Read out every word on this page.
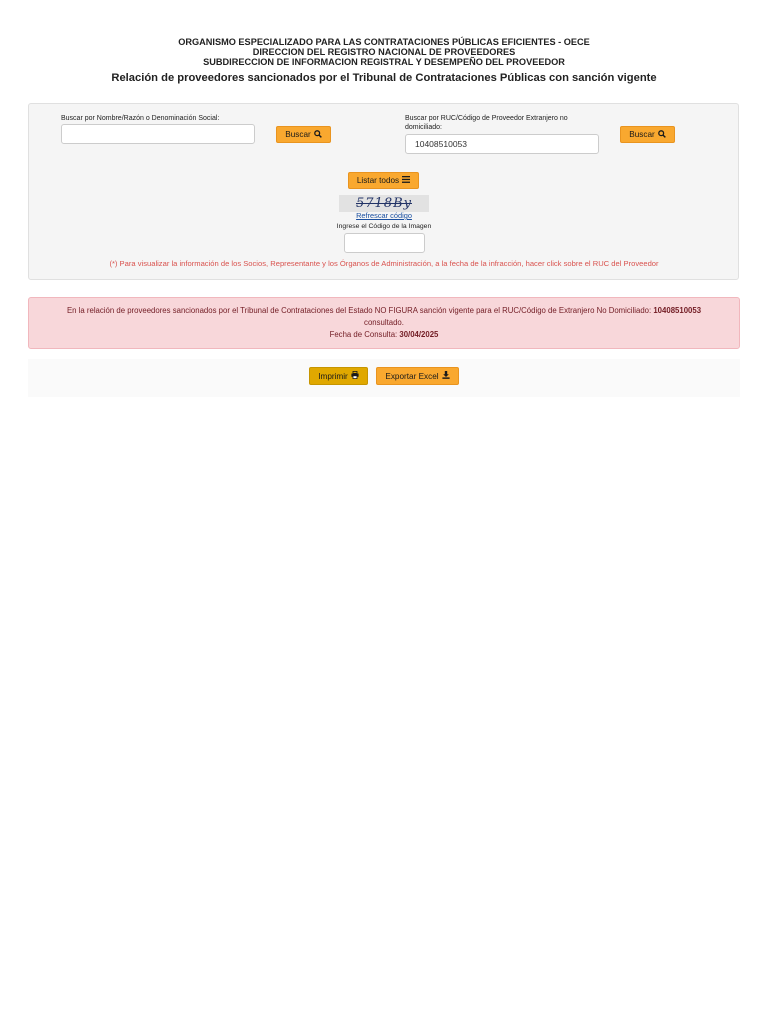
ORGANISMO ESPECIALIZADO PARA LAS CONTRATACIONES PÚBLICAS EFICIENTES - OECE
DIRECCION DEL REGISTRO NACIONAL DE PROVEEDORES
SUBDIRECCION DE INFORMACION REGISTRAL Y DESEMPEÑO DEL PROVEEDOR
Relación de proveedores sancionados por el Tribunal de Contrataciones Públicas con sanción vigente
Buscar por Nombre/Razón o Denominación Social:
Buscar
Buscar por RUC/Código de Proveedor Extranjero no domiciliado:
10408510053
Buscar
Listar todos
5718By
Refrescar código
Ingrese el Código de la Imagen
(*) Para visualizar la información de los Socios, Representante y los Órganos de Administración, a la fecha de la infracción, hacer click sobre el RUC del Proveedor
En la relación de proveedores sancionados por el Tribunal de Contrataciones del Estado NO FIGURA sanción vigente para el RUC/Código de Extranjero No Domiciliado: 10408510053
consultado.
Fecha de Consulta: 30/04/2025
Imprimir	Exportar Excel
